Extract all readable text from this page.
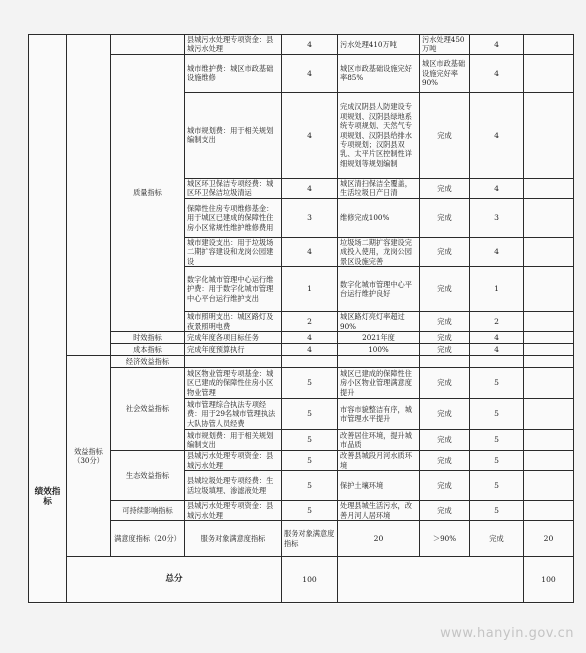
绩效指标			县城污水处理专项资金：县城污水处理	4	污水处理410万吨	污水处理450万吨	4		
		质量指标	城市维护费：城区市政基础设施维修	4	城区市政基础设施完好率85%	城区市政基础设施完好率90%	4		
			城市规划费：用于相关规划编制支出	4	完成汉阴县人防建设专项规划、汉阴县绿地系统专项规划、天然气专项规划、汉阴县给排水专项规划；汉阴县双乳、太平片区控制性详细规划等规划编制	完成	4		
			城区环卫保洁专项经费：城区环卫保洁垃圾清运	4	城区清扫保洁全覆盖，生活垃圾日产日清	完成	4		
			保障性住房专项维修基金：用于城区已建成的保障性住房小区常规性维护维修费用	3	维修完成100%	完成	3		
			城市建设支出：用于垃圾场二期扩容建设和龙岗公园建设	4	垃圾场二期扩容建设完成投入使用，龙岗公园景区设施完善	完成	4		
			数字化城市管理中心运行维护费：用于数字化城市管理中心平台运行维护支出	1	数字化城市管理中心平台运行维护良好	完成	1		
			城市照明支出：城区路灯及夜景照明电费	2	城区路灯亮灯率超过90%	完成	2		
		时效指标	完成年度各项目标任务	4	2021年度	完成	4		
		成本指标	完成年度预算执行	4	100%	完成	4		
	效益指标（30分）	经济效益指标							
		社会效益指标	城区物业管理专项基金：城区已建成的保障性住房小区物业管理	5	城区已建成的保障性住房小区物业管理满意度提升	完成	5		
			城市管理综合执法专项经费：用于29名城市管理执法大队协管人员经费	5	市容市貌整洁有序，城市管理水平提升	完成	5		
			城市规划费：用于相关规划编制支出	5	改善居住环境，提升城市品质	完成	5		
		生态效益指标	县城污水处理专项资金：县城污水处理	5	改善县城段月河水质环境	完成	5		
			县城垃圾处理专项经费：生活垃圾填埋、渗滤液处理	5	保护土壤环境	完成	5		
		可持续影响指标	县城污水处理专项资金：县城污水处理	5	处理县城生活污水，改善月河人居环境	完成	5		
		满意度指标（20分）	服务对象满意度指标	服务对象满意度指标	20	＞90%	完成	20	
	总分			100				100	
www.hanyin.gov.cn
